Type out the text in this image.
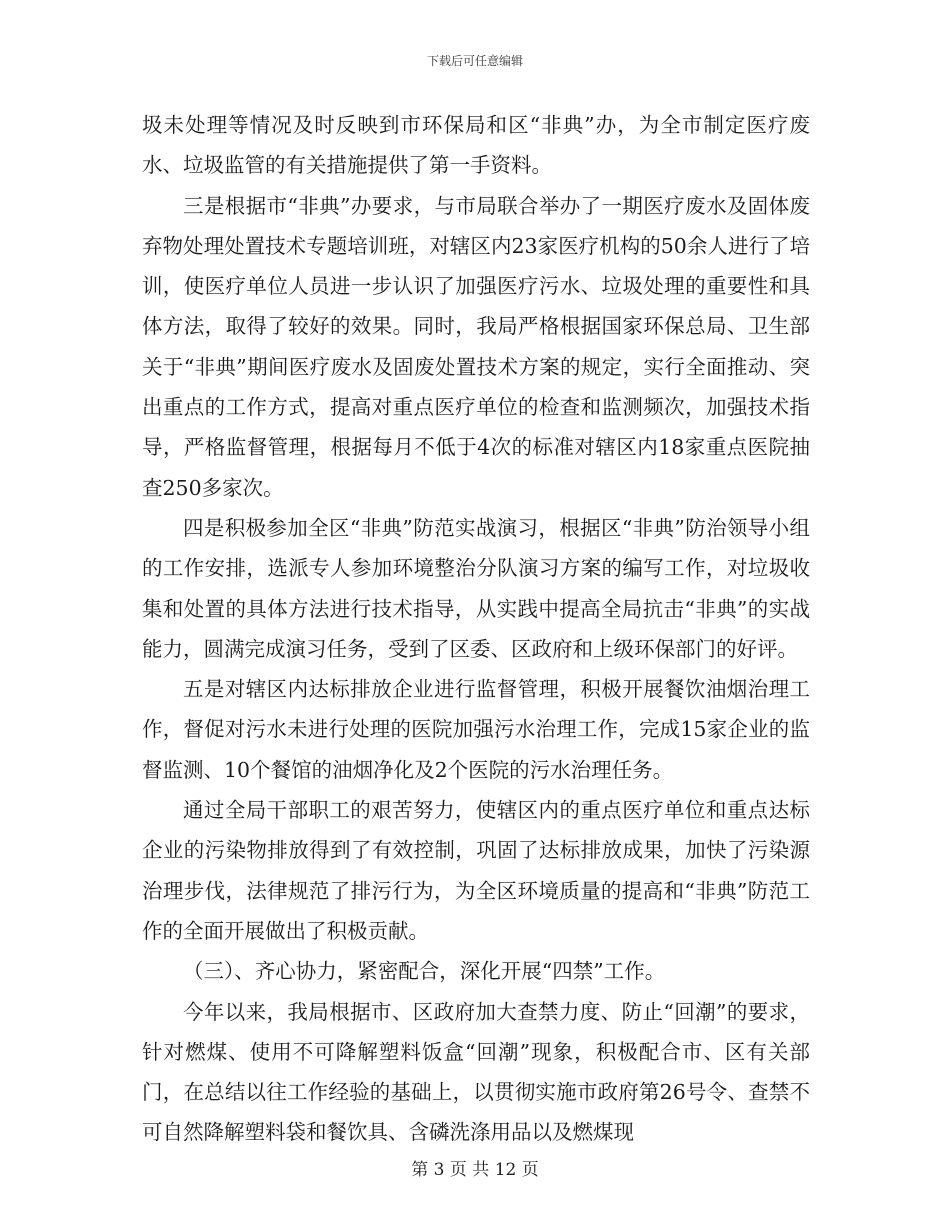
下载后可任意编辑

圾未处理等情况及时反映到市环保局和区“非典”办，为全市制定医疗废水、垃圾监管的有关措施提供了第一手资料。

三是根据市“非典”办要求，与市局联合举办了一期医疗废水及固体废弃物处理处置技术专题培训班，对辖区内23家医疗机构的50余人进行了培训，使医疗单位人员进一步认识了加强医疗污水、垃圾处理的重要性和具体方法，取得了较好的效果。同时，我局严格根据国家环保总局、卫生部关于“非典”期间医疗废水及固废处置技术方案的规定，实行全面推动、突出重点的工作方式，提高对重点医疗单位的检查和监测频次，加强技术指导，严格监督管理，根据每月不低于4次的标准对辖区内18家重点医院抽查250多家次。

四是积极参加全区“非典”防范实战演习，根据区“非典”防治领导小组的工作安排，选派专人参加环境整治分队演习方案的编写工作，对垃圾收集和处置的具体方法进行技术指导，从实践中提高全局抗击“非典”的实战能力，圆满完成演习任务，受到了区委、区政府和上级环保部门的好评。

五是对辖区内达标排放企业进行监督管理，积极开展餐饮油烟治理工作，督促对污水未进行处理的医院加强污水治理工作，完成15家企业的监督监测、10个餐馆的油烟净化及2个医院的污水治理任务。

通过全局干部职工的艰苦努力，使辖区内的重点医疗单位和重点达标企业的污染物排放得到了有效控制，巩固了达标排放成果，加快了污染源治理步伐，法律规范了排污行为，为全区环境质量的提高和“非典”防范工作的全面开展做出了积极贡献。

（三）、齐心协力，紧密配合，深化开展“四禁”工作。

今年以来，我局根据市、区政府加大查禁力度、防止“回潮”的要求，针对燃煤、使用不可降解塑料饭盒“回潮”现象，积极配合市、区有关部门，在总结以往工作经验的基础上，以贯彻实施市政府第26号令、查禁不可自然降解塑料袋和餐饮具、含磷洗涤用品以及燃煤现

第 3 页 共 12 页
